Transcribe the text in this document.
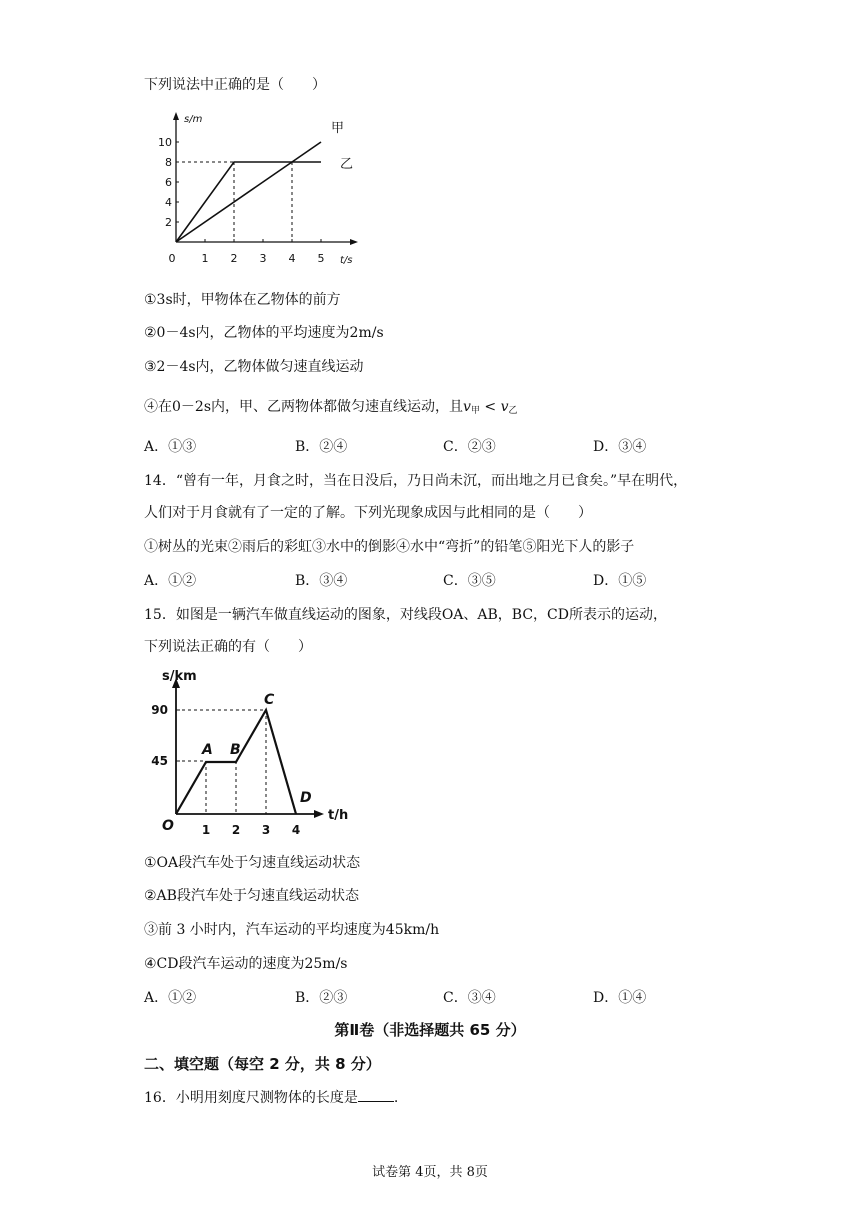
下列说法中正确的是（　　）
s/m
t/s
10
8
6
4
2
0 1 2 3 4 5
甲
乙
①3s时，甲物体在乙物体的前方
②0－4s内，乙物体的平均速度为2m/s
③2－4s内，乙物体做匀速直线运动
④在0－2s内，甲、乙两物体都做匀速直线运动，且$v_甲 < v_乙$
A．①③	B．②④	C．②③	D．③④
14．“曾有一年，月食之时，当在日没后，乃日尚未沉，而出地之月已食矣。”早在明代，
人们对于月食就有了一定的了解。下列光现象成因与此相同的是（　　）
①树丛的光束②雨后的彩虹③水中的倒影④水中“弯折”的铅笔⑤阳光下人的影子
A．①②	B．③④	C．③⑤	D．①⑤
15．如图是一辆汽车做直线运动的图象，对线段OA、AB，BC，CD所表示的运动，
下列说法正确的有（　　）
s/km
t/h
90
45
1 2 3 4
O
A B
C
D
①OA段汽车处于匀速直线运动状态
②AB段汽车处于匀速直线运动状态
③前 3 小时内，汽车运动的平均速度为45km/h
④CD段汽车运动的速度为25m/s
A．①②	B．②③	C．③④	D．①④
第Ⅱ卷（非选择题共 65 分）
二、填空题（每空 2 分，共 8 分）
16．小明用刻度尺测物体的长度是	.
试卷第 4页，共 8页
